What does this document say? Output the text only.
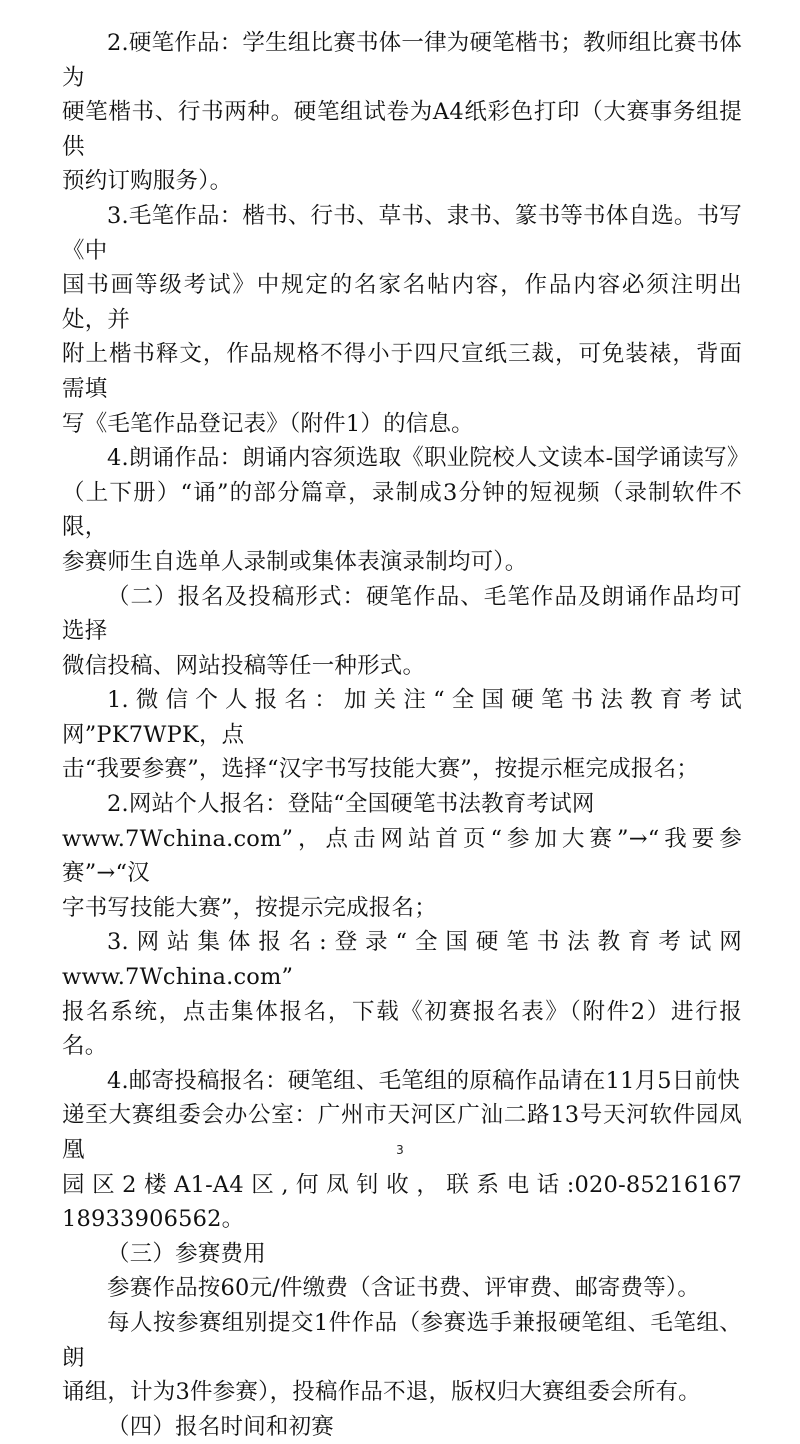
2.硬笔作品：学生组比赛书体一律为硬笔楷书；教师组比赛书体为
硬笔楷书、行书两种。硬笔组试卷为A4纸彩色打印（大赛事务组提供
预约订购服务）。

3.毛笔作品：楷书、行书、草书、隶书、篆书等书体自选。书写《中
国书画等级考试》中规定的名家名帖内容，作品内容必须注明出处，并
附上楷书释文，作品规格不得小于四尺宣纸三裁，可免装裱，背面需填
写《毛笔作品登记表》（附件1）的信息。

4.朗诵作品：朗诵内容须选取《职业院校人文读本-国学诵读写》
（上下册）“诵”的部分篇章，录制成3分钟的短视频（录制软件不限，
参赛师生自选单人录制或集体表演录制均可）。

（二）报名及投稿形式：硬笔作品、毛笔作品及朗诵作品均可选择
微信投稿、网站投稿等任一种形式。

1.微信个人报名：加关注“全国硬笔书法教育考试网”PK7WPK，点
击“我要参赛”，选择“汉字书写技能大赛”，按提示框完成报名；

2.网站个人报名：登陆“全国硬笔书法教育考试网
www.7Wchina.com”，点击网站首页“参加大赛”→“我要参赛”→“汉
字书写技能大赛”，按提示完成报名；

3.网站集体报名:登录“全国硬笔书法教育考试网www.7Wchina.com”
报名系统，点击集体报名，下载《初赛报名表》（附件2）进行报名。

4.邮寄投稿报名：硬笔组、毛笔组的原稿作品请在11月5日前快
递至大赛组委会办公室：广州市天河区广汕二路13号天河软件园凤凰
园区2楼A1-A4区,何凤钊收，联系电话:020-85216167　18933906562。

（三）参赛费用

参赛作品按60元/件缴费（含证书费、评审费、邮寄费等）。

每人按参赛组别提交1件作品（参赛选手兼报硬笔组、毛笔组、朗
诵组，计为3件参赛），投稿作品不退，版权归大赛组委会所有。

（四）报名时间和初赛

3
